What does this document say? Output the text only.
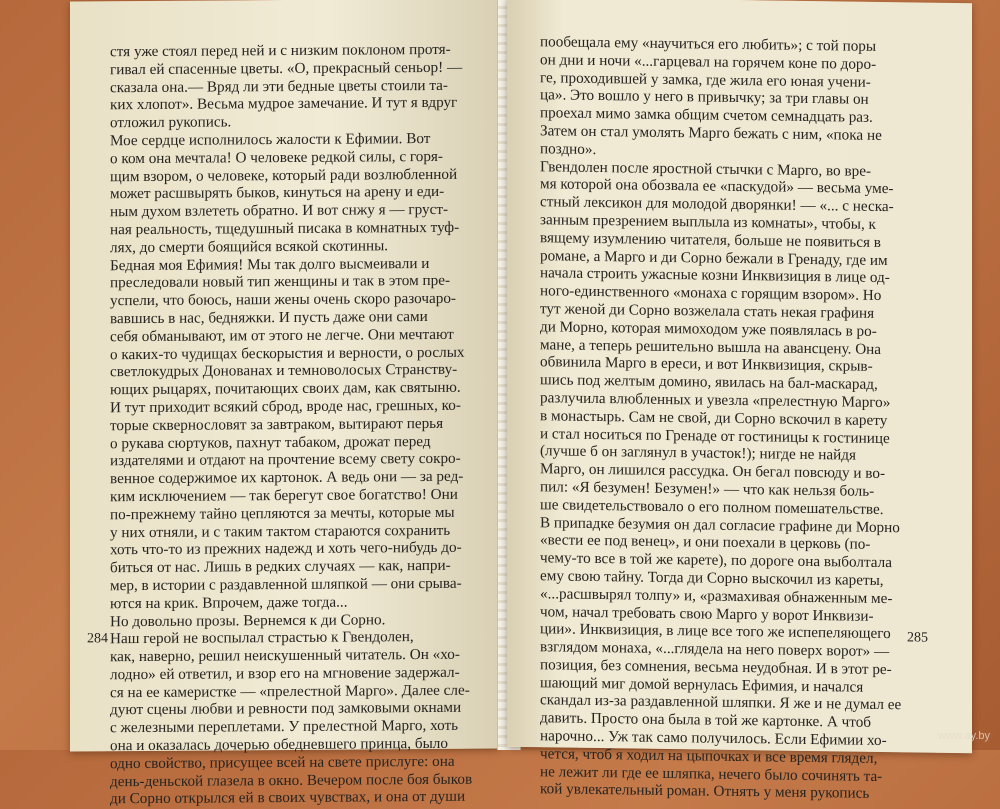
стя уже стоял перед ней и с низким поклоном протя-
гивал ей спасенные цветы. «О, прекрасный сеньор! —
сказала она.— Вряд ли эти бедные цветы стоили та-
ких хлопот». Весьма мудрое замечание. И тут я вдруг
отложил рукопись.
Мое сердце исполнилось жалости к Ефимии. Вот
о ком она мечтала! О человеке редкой силы, с горя-
щим взором, о человеке, который ради возлюбленной
может расшвырять быков, кинуться на арену и еди-
ным духом взлететь обратно. И вот снжу я — груст-
ная реальность, тщедушный писака в комнатных туф-
лях, до смерти боящийся всякой скотинны.
Бедная моя Ефимия! Мы так долго высмеивали и
преследовали новый тип женщины и так в этом пре-
успели, что боюсь, наши жены очень скоро разочаро-
вавшись в нас, бедняжки. И пусть даже они сами
себя обманывают, им от этого не легче. Они мечтают
о каких-то чудищах бескорыстия и верности, о рослых
светлокудрых Донованах и темноволосых Странству-
ющих рыцарях, почитающих своих дам, как святыню.
И тут приходит всякий сброд, вроде нас, грешных, ко-
торые сквернословят за завтраком, вытирают перья
о рукава сюртуков, пахнут табаком, дрожат перед
издателями и отдают на прочтение всему свету сокро-
венное содержимое их картонок. А ведь они — за ред-
ким исключением — так берегут свое богатство! Они
по-прежнему тайно цепляются за мечты, которые мы
у них отняли, и с таким тактом стараются сохранить
хоть что-то из прежних надежд и хоть чего-нибудь до-
биться от нас. Лишь в редких случаях — как, напри-
мер, в истории с раздавленной шляпкой — они срыва-
ются на крик. Впрочем, даже тогда...
Но довольно прозы. Вернемся к ди Сорно.
Наш герой не воспылал страстью к Гвендолен,
как, наверно, решил неискушенный читатель. Он «хо-
лодно» ей ответил, и взор его на мгновение задержал-
ся на ее камеристке — «прелестной Марго». Далее сле-
дуют сцены любви и ревности под замковыми окнами
с железными переплетами. У прелестной Марго, хоть
она и оказалась дочерью обедневшего принца, было
одно свойство, присущее всей на свете прислуге: она
день-деньской глазела в окно. Вечером после боя быков
ди Сорно открылся ей в своих чувствах, и она от души
284
пообещала ему «научиться его любить»; с той поры
он дни и ночи «...гарцевал на горячем коне по доро-
ге, проходившей у замка, где жила его юная учени-
ца». Это вошло у него в привычку; за три главы он
проехал мимо замка общим счетом семнадцать раз.
Затем он стал умолять Марго бежать с ним, «пока не
поздно».
Гвендолен после яростной стычки с Марго, во вре-
мя которой она обозвала ее «паскудой» — весьма уме-
стный лексикон для молодой дворянки! — «... с неска-
занным презрением выплыла из комнаты», чтобы, к
вящему изумлению читателя, больше не появиться в
романе, а Марго и ди Сорно бежали в Гренаду, где им
начала строить ужасные козни Инквизиция в лице од-
ного-единственного «монаха с горящим взором». Но
тут женой ди Сорно возжелала стать некая графиня
ди Морно, которая мимоходом уже появлялась в ро-
мане, а теперь решительно вышла на авансцену. Она
обвинила Марго в ереси, и вот Инквизиция, скрыв-
шись под желтым домино, явилась на бал-маскарад,
разлучила влюбленных и увезла «прелестную Марго»
в монастырь. Сам не свой, ди Сорно вскочил в карету
и стал носиться по Гренаде от гостиницы к гостинице
(лучше б он заглянул в участок!); нигде не найдя
Марго, он лишился рассудка. Он бегал повсюду и во-
пил: «Я безумен! Безумен!» — что как нельзя боль-
ше свидетельствовало о его полном помешательстве.
В припадке безумия он дал согласие графине ди Морно
«вести ее под венец», и они поехали в церковь (по-
чему-то все в той же карете), по дороге она выболтала
ему свою тайну. Тогда ди Сорно выскочил из кареты,
«...расшвырял толпу» и, «размахивая обнаженным ме-
чом, начал требовать свою Марго у ворот Инквизи-
ции». Инквизиция, в лице все того же испепеляющего
взглядом монаха, «...глядела на него поверх ворот» —
позиция, без сомнения, весьма неудобная. И в этот ре-
шающий миг домой вернулась Ефимия, и начался
скандал из-за раздавленной шляпки. Я же и не думал ее
давить. Просто она была в той же картонке. А чтоб
нарочно... Уж так само получилось. Если Ефимии хо-
чется, чтоб я ходил на цыпочках и все время глядел,
не лежит ли где ее шляпка, нечего было сочинять та-
кой увлекательный роман. Отнять у меня рукопись
285
www.ay.by
